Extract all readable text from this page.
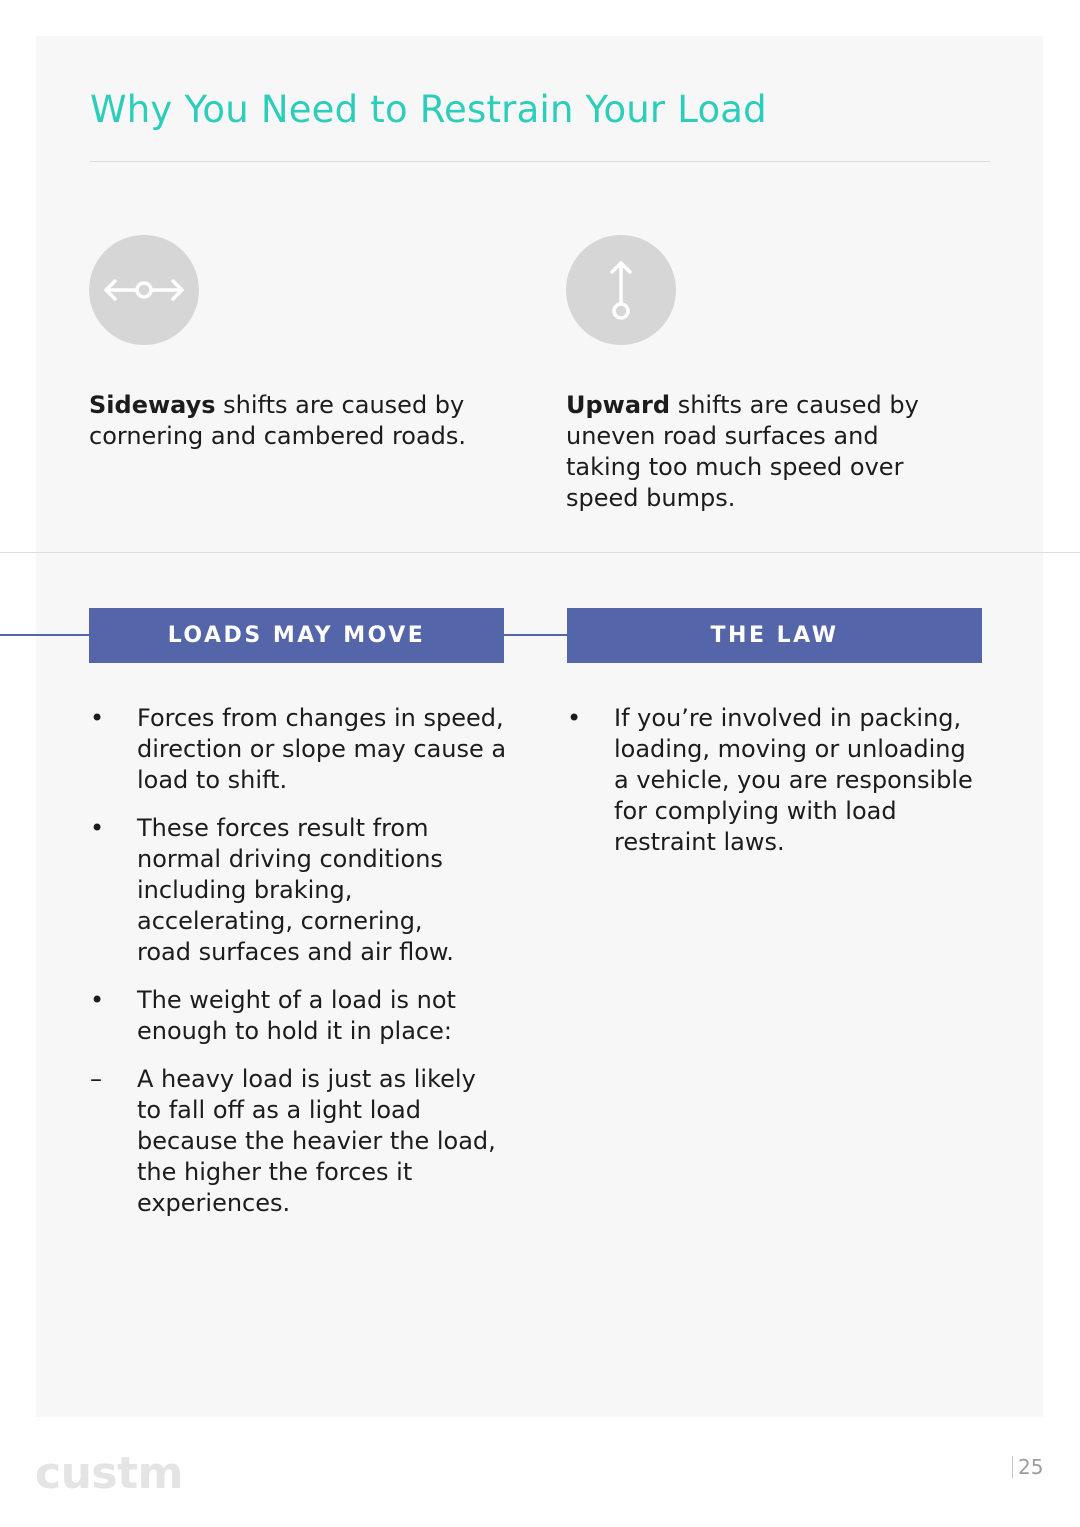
Why You Need to Restrain Your Load

Sideways shifts are caused by cornering and cambered roads.

Upward shifts are caused by uneven road surfaces and taking too much speed over speed bumps.

LOADS MAY MOVE	THE LAW
• Forces from changes in speed, direction or slope may cause a load to shift.
• These forces result from normal driving conditions including braking, accelerating, cornering, road surfaces and air flow.
• The weight of a load is not enough to hold it in place:
–	A heavy load is just as likely to fall off as a light load because the heavier the load, the higher the forces it experiences.
• If you’re involved in packing, loading, moving or unloading a vehicle, you are responsible for complying with load restraint laws.
custm	25
